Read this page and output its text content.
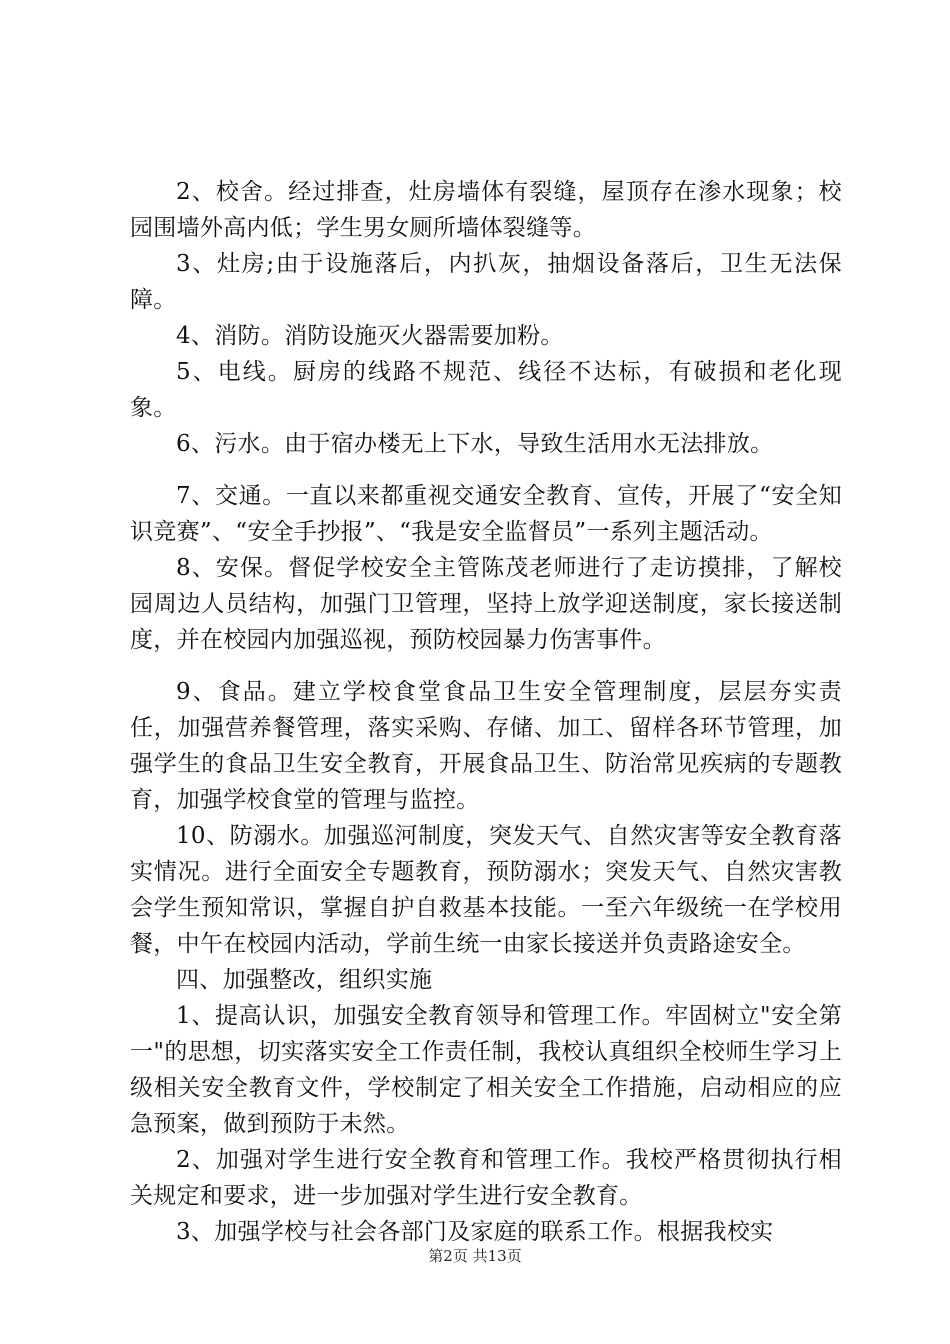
2、校舍。经过排查，灶房墙体有裂缝，屋顶存在渗水现象；校园围墙外高内低；学生男女厕所墙体裂缝等。

3、灶房;由于设施落后，内扒灰，抽烟设备落后，卫生无法保障。

4、消防。消防设施灭火器需要加粉。

5、电线。厨房的线路不规范、线径不达标，有破损和老化现象。

6、污水。由于宿办楼无上下水，导致生活用水无法排放。

7、交通。一直以来都重视交通安全教育、宣传，开展了“安全知识竞赛”、“安全手抄报”、“我是安全监督员”一系列主题活动。

8、安保。督促学校安全主管陈茂老师进行了走访摸排，了解校园周边人员结构，加强门卫管理，坚持上放学迎送制度，家长接送制度，并在校园内加强巡视，预防校园暴力伤害事件。

9、食品。建立学校食堂食品卫生安全管理制度，层层夯实责任，加强营养餐管理，落实采购、存储、加工、留样各环节管理，加强学生的食品卫生安全教育，开展食品卫生、防治常见疾病的专题教育，加强学校食堂的管理与监控。

10、防溺水。加强巡河制度，突发天气、自然灾害等安全教育落实情况。进行全面安全专题教育，预防溺水；突发天气、自然灾害教会学生预知常识，掌握自护自救基本技能。一至六年级统一在学校用餐，中午在校园内活动，学前生统一由家长接送并负责路途安全。

四、加强整改，组织实施

1、提高认识，加强安全教育领导和管理工作。牢固树立"安全第一"的思想，切实落实安全工作责任制，我校认真组织全校师生学习上级相关安全教育文件，学校制定了相关安全工作措施，启动相应的应急预案，做到预防于未然。

2、加强对学生进行安全教育和管理工作。我校严格贯彻执行相关规定和要求，进一步加强对学生进行安全教育。

3、加强学校与社会各部门及家庭的联系工作。根据我校实

第2页 共13页
